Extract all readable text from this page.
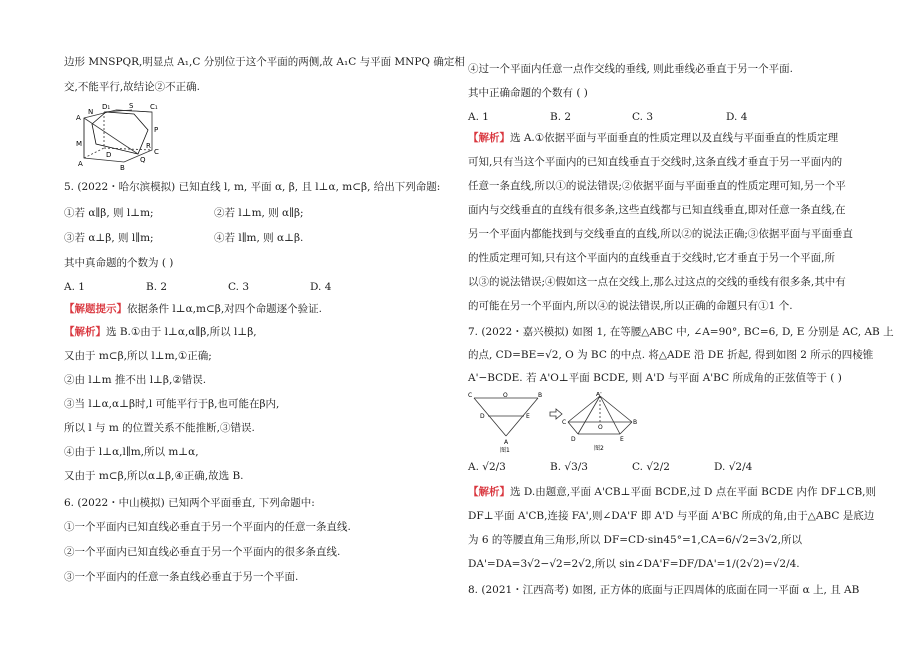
边形 MNSPQR,明显点 A₁,C 分别位于这个平面的两侧,故 A₁C 与平面 MNPQ 确定相
交,不能平行,故结论②不正确.
A
D₁	S
N
C₁
M
P
D
A	B
Q
C
R
5. (2022・哈尔滨模拟) 已知直线 l, m, 平面 α, β, 且 l⊥α, m⊂β, 给出下列命题:
①若 α∥β, 则 l⊥m;	②若 l⊥m, 则 α∥β;
③若 α⊥β, 则 l∥m;	④若 l∥m, 则 α⊥β.
其中真命题的个数为 ( )
A. 1	B. 2	C. 3	D. 4
【解题提示】依据条件 l⊥α,m⊂β,对四个命题逐个验证.
【解析】选 B.①由于 l⊥α,α∥β,所以 l⊥β,
又由于 m⊂β,所以 l⊥m,①正确;
②由 l⊥m 推不出 l⊥β,②错误.
③当 l⊥α,α⊥β时,l 可能平行于β,也可能在β内,
所以 l 与 m 的位置关系不能推断,③错误.
④由于 l⊥α,l∥m,所以 m⊥α,
又由于 m⊂β,所以α⊥β,④正确,故选 B.
6. (2022・中山模拟) 已知两个平面垂直, 下列命题中:
①一个平面内已知直线必垂直于另一个平面内的任意一条直线.
②一个平面内已知直线必垂直于另一个平面内的很多条直线.
③一个平面内的任意一条直线必垂直于另一个平面.
④过一个平面内任意一点作交线的垂线, 则此垂线必垂直于另一个平面.
其中正确命题的个数有 ( )
A. 1	B. 2	C. 3	D. 4
【解析】选 A.①依据平面与平面垂直的性质定理以及直线与平面垂直的性质定理
可知,只有当这个平面内的已知直线垂直于交线时,这条直线才垂直于另一平面内的
任意一条直线,所以①的说法错误;②依据平面与平面垂直的性质定理可知,另一个平
面内与交线垂直的直线有很多条,这些直线都与已知直线垂直,即对任意一条直线,在
另一个平面内都能找到与交线垂直的直线,所以②的说法正确;③依据平面与平面垂直
的性质定理可知,只有这个平面内的直线垂直于交线时,它才垂直于另一个平面,所
以③的说法错误;④假如这一点在交线上,那么过这点的交线的垂线有很多条,其中有
的可能在另一个平面内,所以④的说法错误,所以正确的命题只有①1 个.
7. (2022・嘉兴模拟) 如图 1, 在等腰△ABC 中, ∠A=90°, BC=6, D, E 分别是 AC, AB 上
的点, CD=BE=√2, O 为 BC 的中点. 将△ADE 沿 DE 折起, 得到如图 2 所示的四棱锥
A'−BCDE. 若 A'O⊥平面 BCDE, 则 A'D 与平面 A'BC 所成角的正弦值等于 ( )
C	O	B
D	E
A
图1
A'
C
O
B
D	E
图2
A. √2/3	B. √3/3	C. √2/2	D. √2/4
【解析】选 D.由题意,平面 A'CB⊥平面 BCDE,过 D 点在平面 BCDE 内作 DF⊥CB,则
DF⊥平面 A'CB,连接 FA',则∠DA'F 即 A'D 与平面 A'BC 所成的角,由于△ABC 是底边
为 6 的等腰直角三角形,所以 DF=CD·sin45°=1,CA=6/√2=3√2,所以
DA'=DA=3√2−√2=2√2,所以 sin∠DA'F=DF/DA'=1/(2√2)=√2/4.
8. (2021・江西高考) 如图, 正方体的底面与正四周体的底面在同一平面 α 上, 且 AB
